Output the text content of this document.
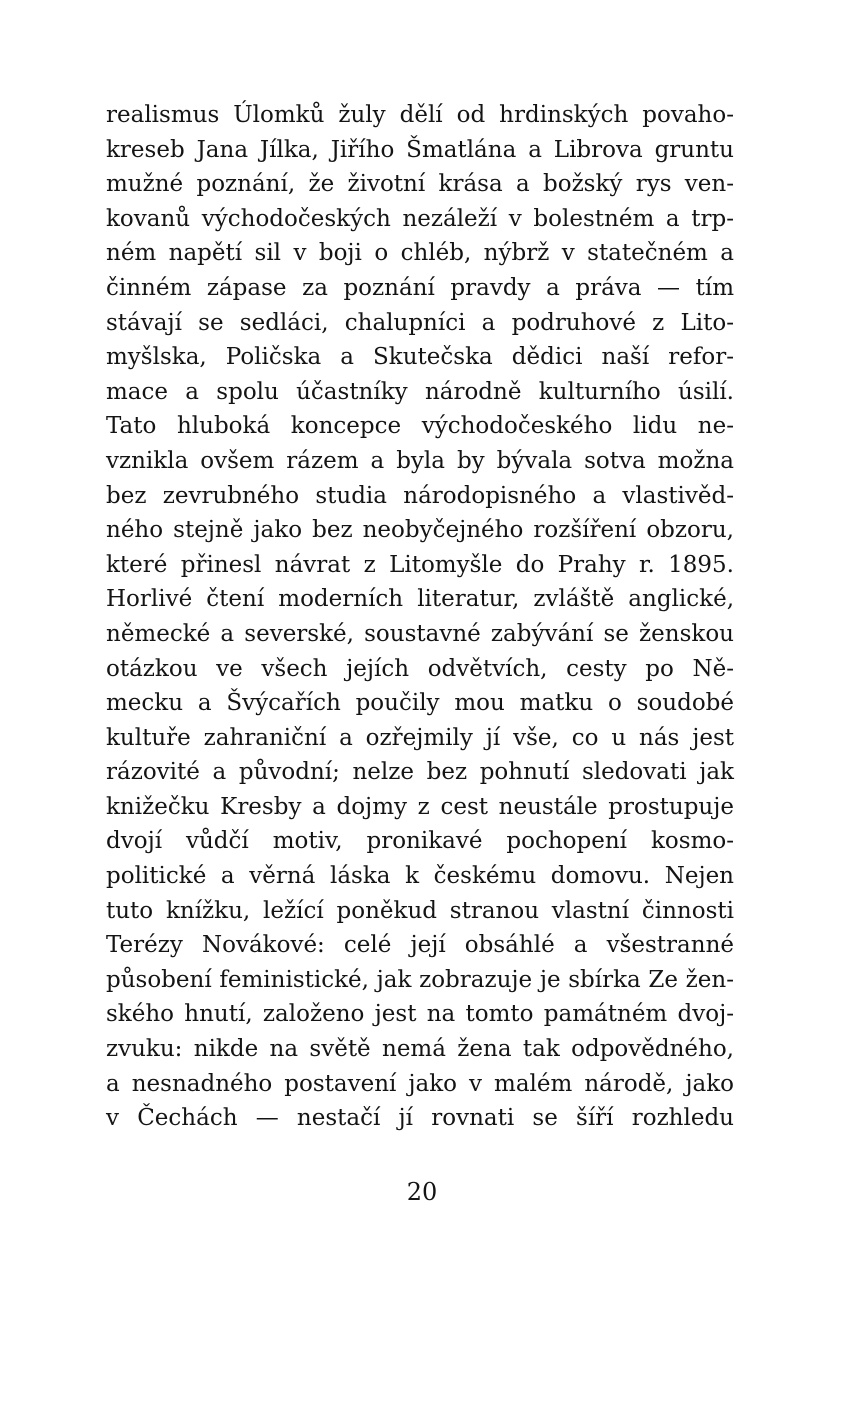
realismus Úlomků žuly dělí od hrdinských povaho-
kreseb Jana Jílka, Jiřího Šmatlána a Librova gruntu
mužné poznání, že životní krása a božský rys ven-
kovanů východočeských nezáleží v bolestném a trp-
ném napětí sil v boji o chléb, nýbrž v statečném a
činném zápase za poznání pravdy a práva — tím
stávají se sedláci, chalupníci a podruhové z Lito-
myšlska, Poličska a Skutečska dědici naší refor-
mace a spolu účastníky národně kulturního úsilí.
Tato hluboká koncepce východočeského lidu ne-
vznikla ovšem rázem a byla by bývala sotva možna
bez zevrubného studia národopisného a vlastivěd-
ného stejně jako bez neobyčejného rozšíření obzoru,
které přinesl návrat z Litomyšle do Prahy r. 1895.
Horlivé čtení moderních literatur, zvláště anglické,
německé a severské, soustavné zabývání se ženskou
otázkou ve všech jejích odvětvích, cesty po Ně-
mecku a Švýcařích poučily mou matku o soudobé
kultuře zahraniční a ozřejmily jí vše, co u nás jest
rázovité a původní; nelze bez pohnutí sledovati jak
knižečku Kresby a dojmy z cest neustále prostupuje
dvojí vůdčí motiv, pronikavé pochopení kosmo-
politické a věrná láska k českému domovu. Nejen
tuto knížku, ležící poněkud stranou vlastní činnosti
Terézy Novákové: celé její obsáhlé a všestranné
působení feministické, jak zobrazuje je sbírka Ze žen-
ského hnutí, založeno jest na tomto památném dvoj-
zvuku: nikde na světě nemá žena tak odpovědného,
a nesnadného postavení jako v malém národě, jako
v Čechách — nestačí jí rovnati se šíří rozhledu
20
